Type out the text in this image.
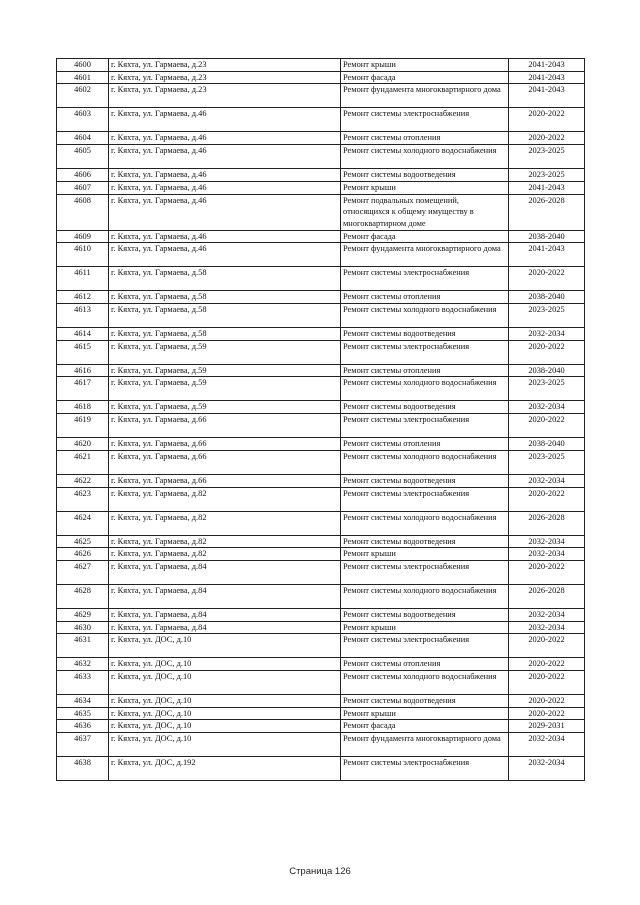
4600	г. Кяхта, ул. Гармаева, д.23	Ремонт крыши	2041-2043
4601	г. Кяхта, ул. Гармаева, д.23	Ремонт фасада	2041-2043
4602	г. Кяхта, ул. Гармаева, д.23	Ремонт фундамента многоквартирного дома	2041-2043
4603	г. Кяхта, ул. Гармаева, д.46	Ремонт системы электроснабжения	2020-2022
4604	г. Кяхта, ул. Гармаева, д.46	Ремонт системы отопления	2020-2022
4605	г. Кяхта, ул. Гармаева, д.46	Ремонт системы холодного водоснабжения	2023-2025
4606	г. Кяхта, ул. Гармаева, д.46	Ремонт системы водоотведения	2023-2025
4607	г. Кяхта, ул. Гармаева, д.46	Ремонт крыши	2041-2043
4608	г. Кяхта, ул. Гармаева, д.46	Ремонт подвальных помещений, относящихся к общему имуществу в многоквартирном доме	2026-2028
4609	г. Кяхта, ул. Гармаева, д.46	Ремонт фасада	2038-2040
4610	г. Кяхта, ул. Гармаева, д.46	Ремонт фундамента многоквартирного дома	2041-2043
4611	г. Кяхта, ул. Гармаева, д.58	Ремонт системы электроснабжения	2020-2022
4612	г. Кяхта, ул. Гармаева, д.58	Ремонт системы отопления	2038-2040
4613	г. Кяхта, ул. Гармаева, д.58	Ремонт системы холодного водоснабжения	2023-2025
4614	г. Кяхта, ул. Гармаева, д.58	Ремонт системы водоотведения	2032-2034
4615	г. Кяхта, ул. Гармаева, д.59	Ремонт системы электроснабжения	2020-2022
4616	г. Кяхта, ул. Гармаева, д.59	Ремонт системы отопления	2038-2040
4617	г. Кяхта, ул. Гармаева, д.59	Ремонт системы холодного водоснабжения	2023-2025
4618	г. Кяхта, ул. Гармаева, д.59	Ремонт системы водоотведения	2032-2034
4619	г. Кяхта, ул. Гармаева, д.66	Ремонт системы электроснабжения	2020-2022
4620	г. Кяхта, ул. Гармаева, д.66	Ремонт системы отопления	2038-2040
4621	г. Кяхта, ул. Гармаева, д.66	Ремонт системы холодного водоснабжения	2023-2025
4622	г. Кяхта, ул. Гармаева, д.66	Ремонт системы водоотведения	2032-2034
4623	г. Кяхта, ул. Гармаева, д.82	Ремонт системы электроснабжения	2020-2022
4624	г. Кяхта, ул. Гармаева, д.82	Ремонт системы холодного водоснабжения	2026-2028
4625	г. Кяхта, ул. Гармаева, д.82	Ремонт системы водоотведения	2032-2034
4626	г. Кяхта, ул. Гармаева, д.82	Ремонт крыши	2032-2034
4627	г. Кяхта, ул. Гармаева, д.84	Ремонт системы электроснабжения	2020-2022
4628	г. Кяхта, ул. Гармаева, д.84	Ремонт системы холодного водоснабжения	2026-2028
4629	г. Кяхта, ул. Гармаева, д.84	Ремонт системы водоотведения	2032-2034
4630	г. Кяхта, ул. Гармаева, д.84	Ремонт крыши	2032-2034
4631	г. Кяхта, ул. ДОС, д.10	Ремонт системы электроснабжения	2020-2022
4632	г. Кяхта, ул. ДОС, д.10	Ремонт системы отопления	2020-2022
4633	г. Кяхта, ул. ДОС, д.10	Ремонт системы холодного водоснабжения	2020-2022
4634	г. Кяхта, ул. ДОС, д.10	Ремонт системы водоотведения	2020-2022
4635	г. Кяхта, ул. ДОС, д.10	Ремонт крыши	2020-2022
4636	г. Кяхта, ул. ДОС, д.10	Ремонт фасада	2029-2031
4637	г. Кяхта, ул. ДОС, д.10	Ремонт фундамента многоквартирного дома	2032-2034
4638	г. Кяхта, ул. ДОС, д.192	Ремонт системы электроснабжения	2032-2034
Страница 126
